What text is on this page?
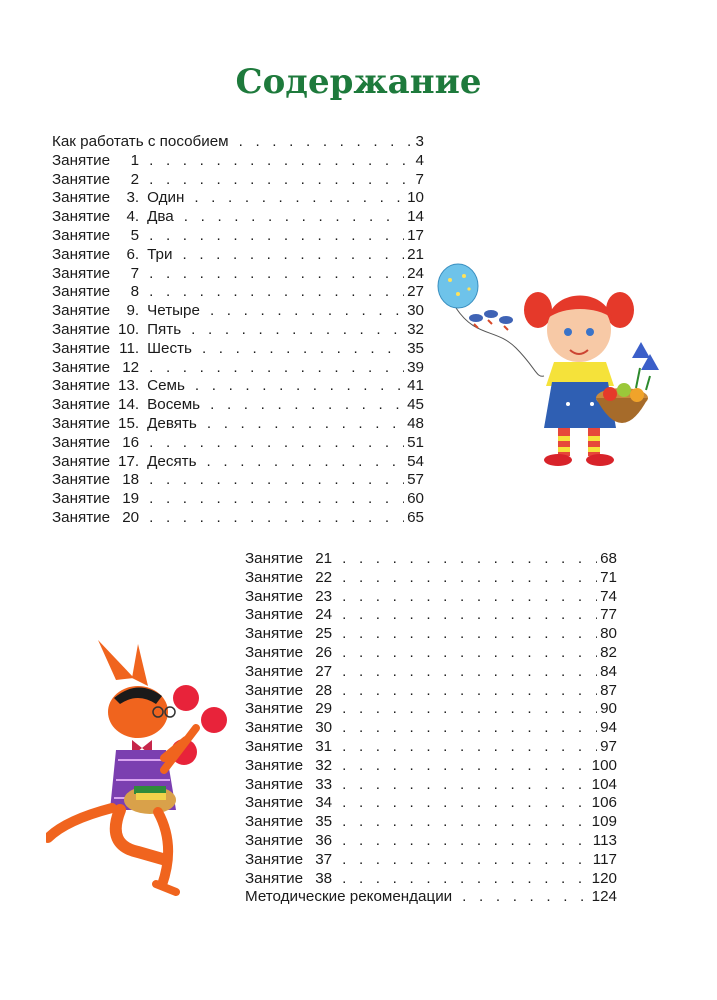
Содержание
Как работать с пособием . . .	3
Занятие	1 . . .	4
Занятие	2 . . .	7
Занятие	3. Один . . .	10
Занятие	4. Два . . .	14
Занятие	5 . . .	17
Занятие	6. Три . . .	21
Занятие	7 . . .	24
Занятие	8 . . .	27
Занятие	9. Четыре . . .	30
Занятие 10. Пять . . .	32
Занятие 11. Шесть . . .	35
Занятие 12 . . .	39
Занятие 13. Семь . . .	41
Занятие 14. Восемь . . .	45
Занятие 15. Девять . . .	48
Занятие 16 . . .	51
Занятие 17. Десять . . .	54
Занятие 18 . . .	57
Занятие 19 . . .	60
Занятие 20 . . .	65
Занятие 21 . . .	68
Занятие 22 . . .	71
Занятие 23 . . .	74
Занятие 24 . . .	77
Занятие 25 . . .	80
Занятие 26 . . .	82
Занятие 27 . . .	84
Занятие 28 . . .	87
Занятие 29 . . .	90
Занятие 30 . . .	94
Занятие 31 . . .	97
Занятие 32 . . .	100
Занятие 33 . . .	104
Занятие 34 . . .	106
Занятие 35 . . .	109
Занятие 36 . . .	113
Занятие 37 . . .	117
Занятие 38 . . .	120
Методические рекомендации . . .	124
